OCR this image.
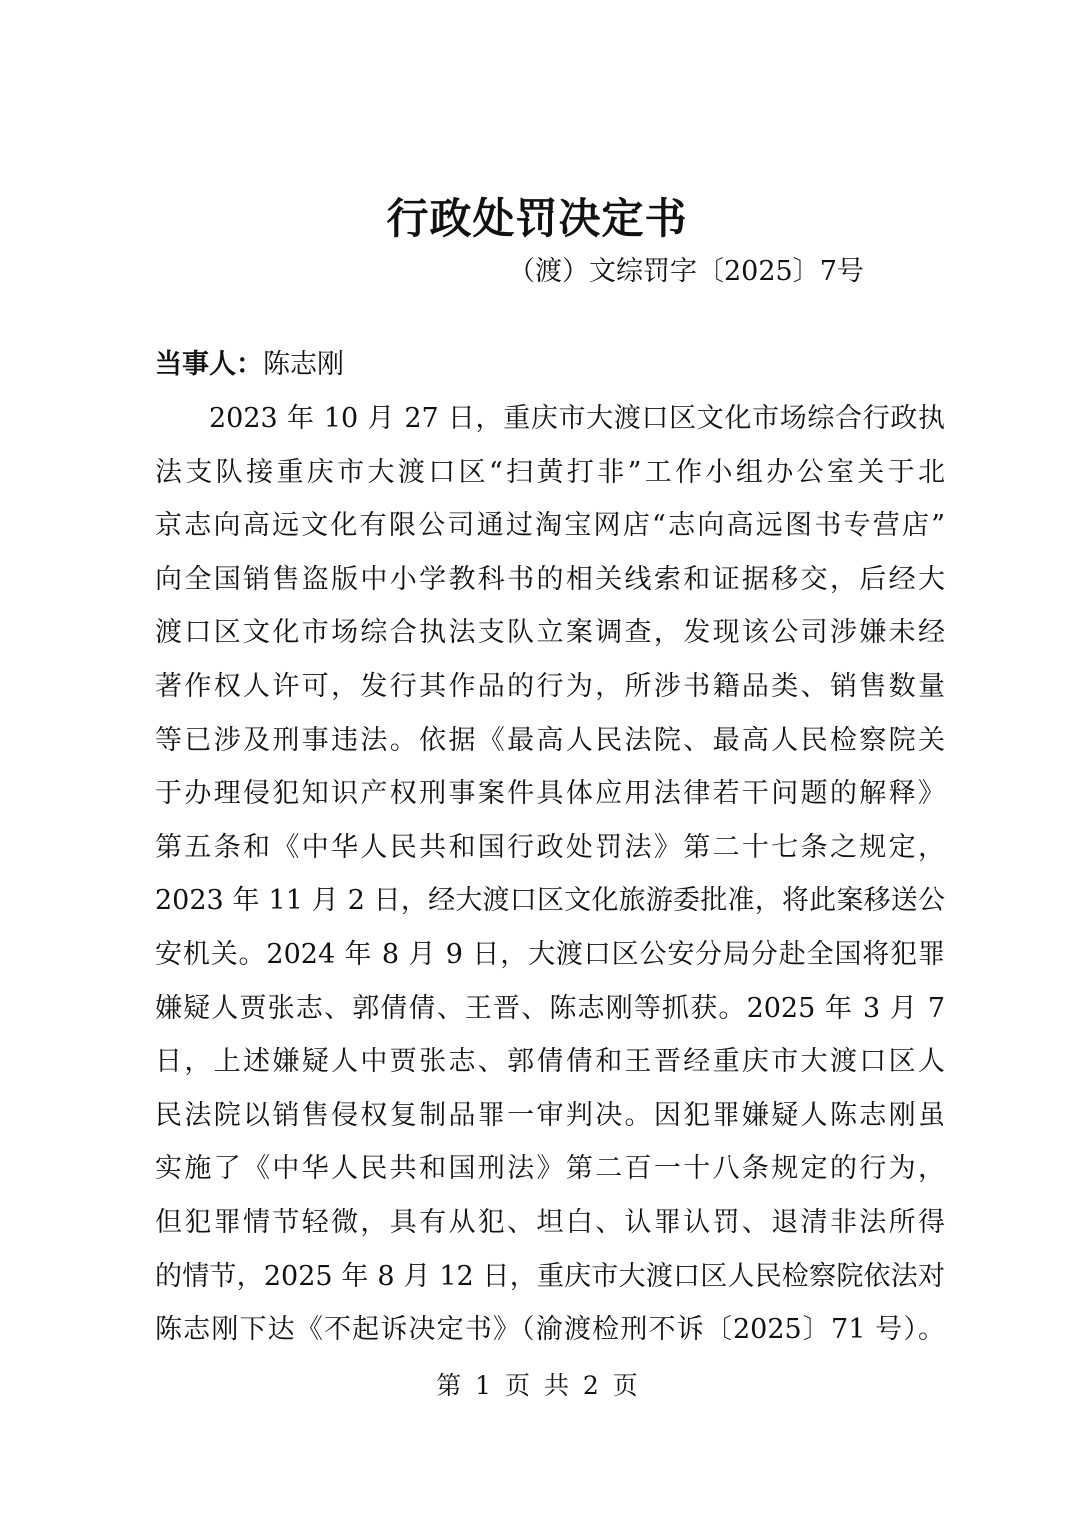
行政处罚决定书
（渡）文综罚字〔2025〕7号
当事人：陈志刚
2023 年 10 月 27 日，重庆市大渡口区文化市场综合行政执
法支队接重庆市大渡口区“扫黄打非”工作小组办公室关于北
京志向高远文化有限公司通过淘宝网店“志向高远图书专营店”
向全国销售盗版中小学教科书的相关线索和证据移交，后经大
渡口区文化市场综合执法支队立案调查，发现该公司涉嫌未经
著作权人许可，发行其作品的行为，所涉书籍品类、销售数量
等已涉及刑事违法。依据《最高人民法院、最高人民检察院关
于办理侵犯知识产权刑事案件具体应用法律若干问题的解释》
第五条和《中华人民共和国行政处罚法》第二十七条之规定，
2023 年 11 月 2 日，经大渡口区文化旅游委批准，将此案移送公
安机关。2024 年 8 月 9 日，大渡口区公安分局分赴全国将犯罪
嫌疑人贾张志、郭倩倩、王晋、陈志刚等抓获。2025 年 3 月 7
日，上述嫌疑人中贾张志、郭倩倩和王晋经重庆市大渡口区人
民法院以销售侵权复制品罪一审判决。因犯罪嫌疑人陈志刚虽
实施了《中华人民共和国刑法》第二百一十八条规定的行为，
但犯罪情节轻微，具有从犯、坦白、认罪认罚、退清非法所得
的情节，2025 年 8 月 12 日，重庆市大渡口区人民检察院依法对
陈志刚下达《不起诉决定书》（渝渡检刑不诉〔2025〕71 号）。
第 1 页 共 2 页
